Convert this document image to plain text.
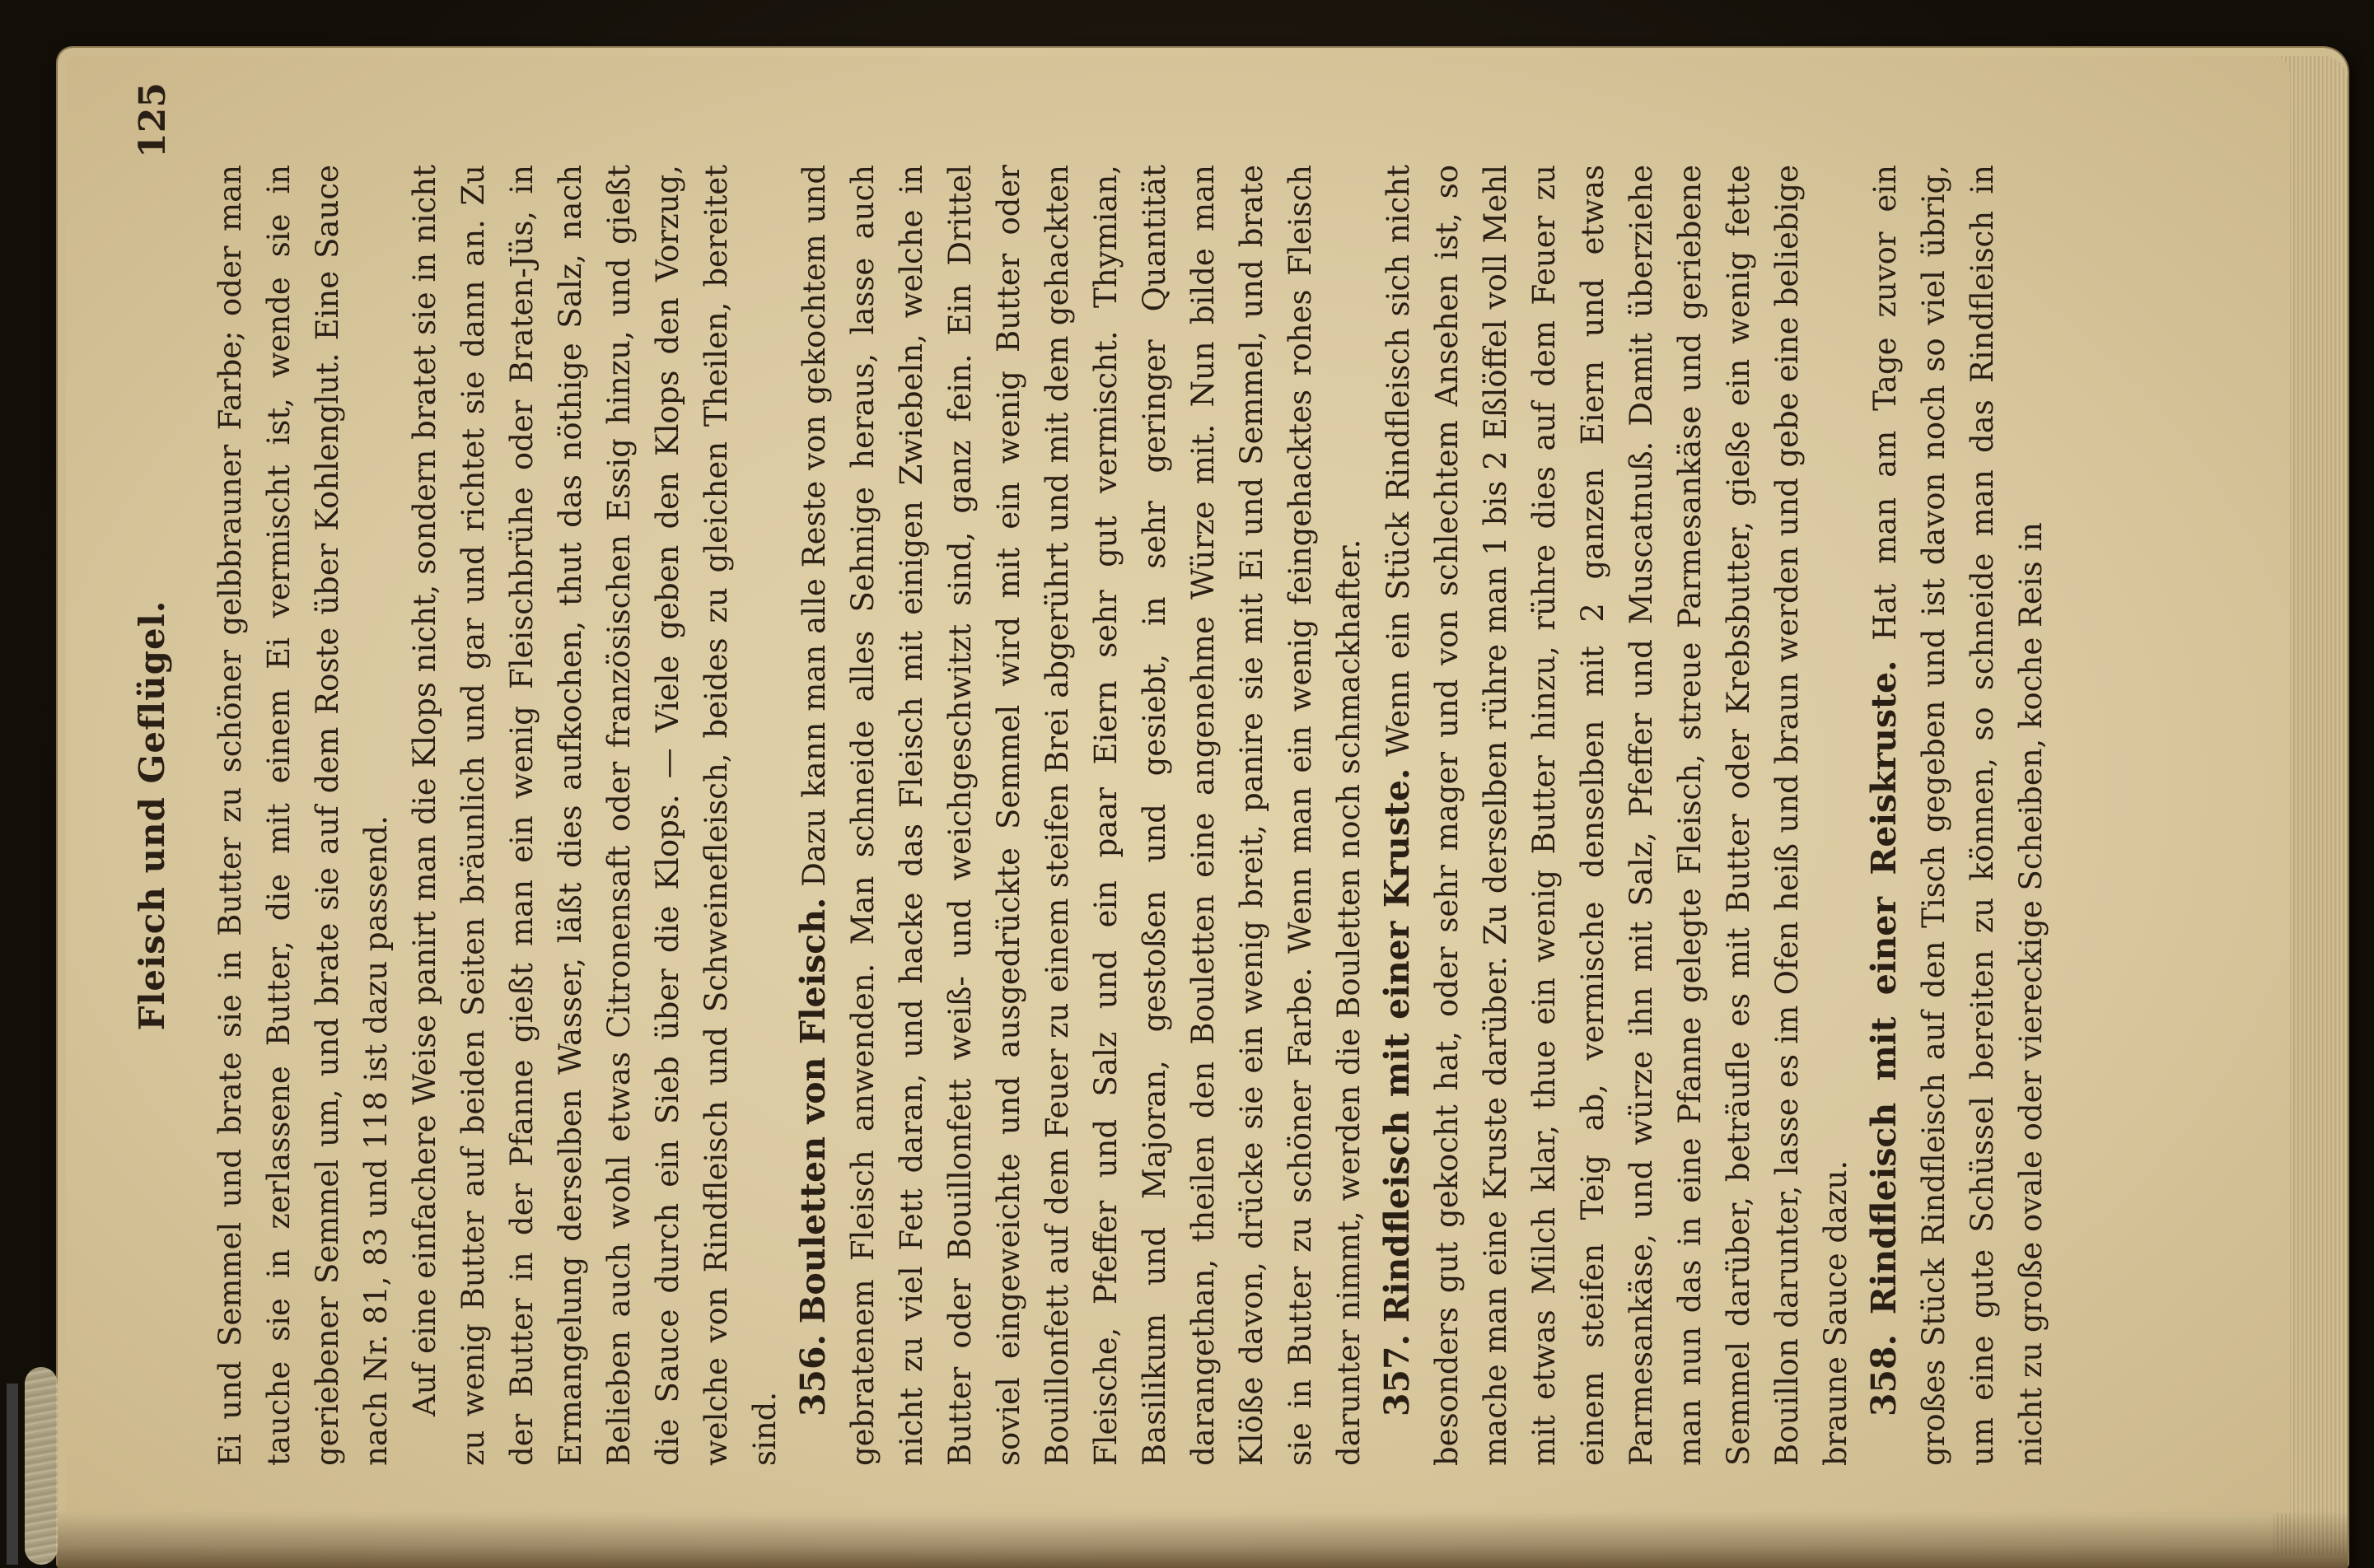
Fleisch und Geflügel.
125

Ei und Semmel und brate sie in Butter zu schöner gelbbrauner Farbe; oder man tauche sie in zerlassene Butter, die mit einem Ei vermischt ist, wende sie in geriebener Semmel um, und brate sie auf dem Roste über Kohlenglut. Eine Sauce nach Nr. 81, 83 und 118 ist dazu passend. Auf eine einfachere Weise panirt man die Klops nicht, sondern bratet sie in nicht zu wenig Butter auf beiden Seiten bräunlich und gar und richtet sie dann an. Zu der Butter in der Pfanne gießt man ein wenig Fleischbrühe oder Braten-Jüs, in Ermangelung derselben Wasser, läßt dies aufkochen, thut das nöthige Salz, nach Belieben auch wohl etwas Citronensaft oder französischen Essig hinzu, und gießt die Sauce durch ein Sieb über die Klops. — Viele geben den Klops den Vorzug, welche von Rindfleisch und Schweinefleisch, beides zu gleichen Theilen, bereitet sind.

356. Bouletten von Fleisch. Dazu kann man alle Reste von gekochtem und gebratenem Fleisch anwenden. Man schneide alles Sehnige heraus, lasse auch nicht zu viel Fett daran, und hacke das Fleisch mit einigen Zwiebeln, welche in Butter oder Bouillonfett weiß- und weichgeschwitzt sind, ganz fein. Ein Drittel soviel eingeweichte und ausgedrückte Semmel wird mit ein wenig Butter oder Bouillonfett auf dem Feuer zu einem steifen Brei abgerührt und mit dem gehackten Fleische, Pfeffer und Salz und ein paar Eiern sehr gut vermischt. Thymian, Basilikum und Majoran, gestoßen und gesiebt, in sehr geringer Quantität darangethan, theilen den Bouletten eine angenehme Würze mit. Nun bilde man Klöße davon, drücke sie ein wenig breit, panire sie mit Ei und Semmel, und brate sie in Butter zu schöner Farbe. Wenn man ein wenig feingehacktes rohes Fleisch darunter nimmt, werden die Bouletten noch schmackhafter. 357. Rindfleisch mit einer Kruste. Wenn ein Stück Rindfleisch sich nicht besonders gut gekocht hat, oder sehr mager und von schlechtem Ansehen ist, so mache man eine Kruste darüber. Zu derselben rühre man 1 bis 2 Eßlöffel voll Mehl mit etwas Milch klar, thue ein wenig Butter hinzu, rühre dies auf dem Feuer zu einem steifen Teig ab, vermische denselben mit 2 ganzen Eiern und etwas Parmesankäse, und würze ihn mit Salz, Pfeffer und Muscatnuß. Damit überziehe man nun das in eine Pfanne gelegte Fleisch, streue Parmesankäse und geriebene Semmel darüber, beträufle es mit Butter oder Krebsbutter, gieße ein wenig fette Bouillon darunter, lasse es im Ofen heiß und braun werden und gebe eine beliebige braune Sauce dazu. 358. Rindfleisch mit einer Reiskruste. Hat man am Tage zuvor ein großes Stück Rindfleisch auf den Tisch gegeben und ist davon noch so viel übrig, um eine gute Schüssel bereiten zu können, so schneide man das Rindfleisch in nicht zu große ovale oder viereckige Scheiben, koche Reis in
